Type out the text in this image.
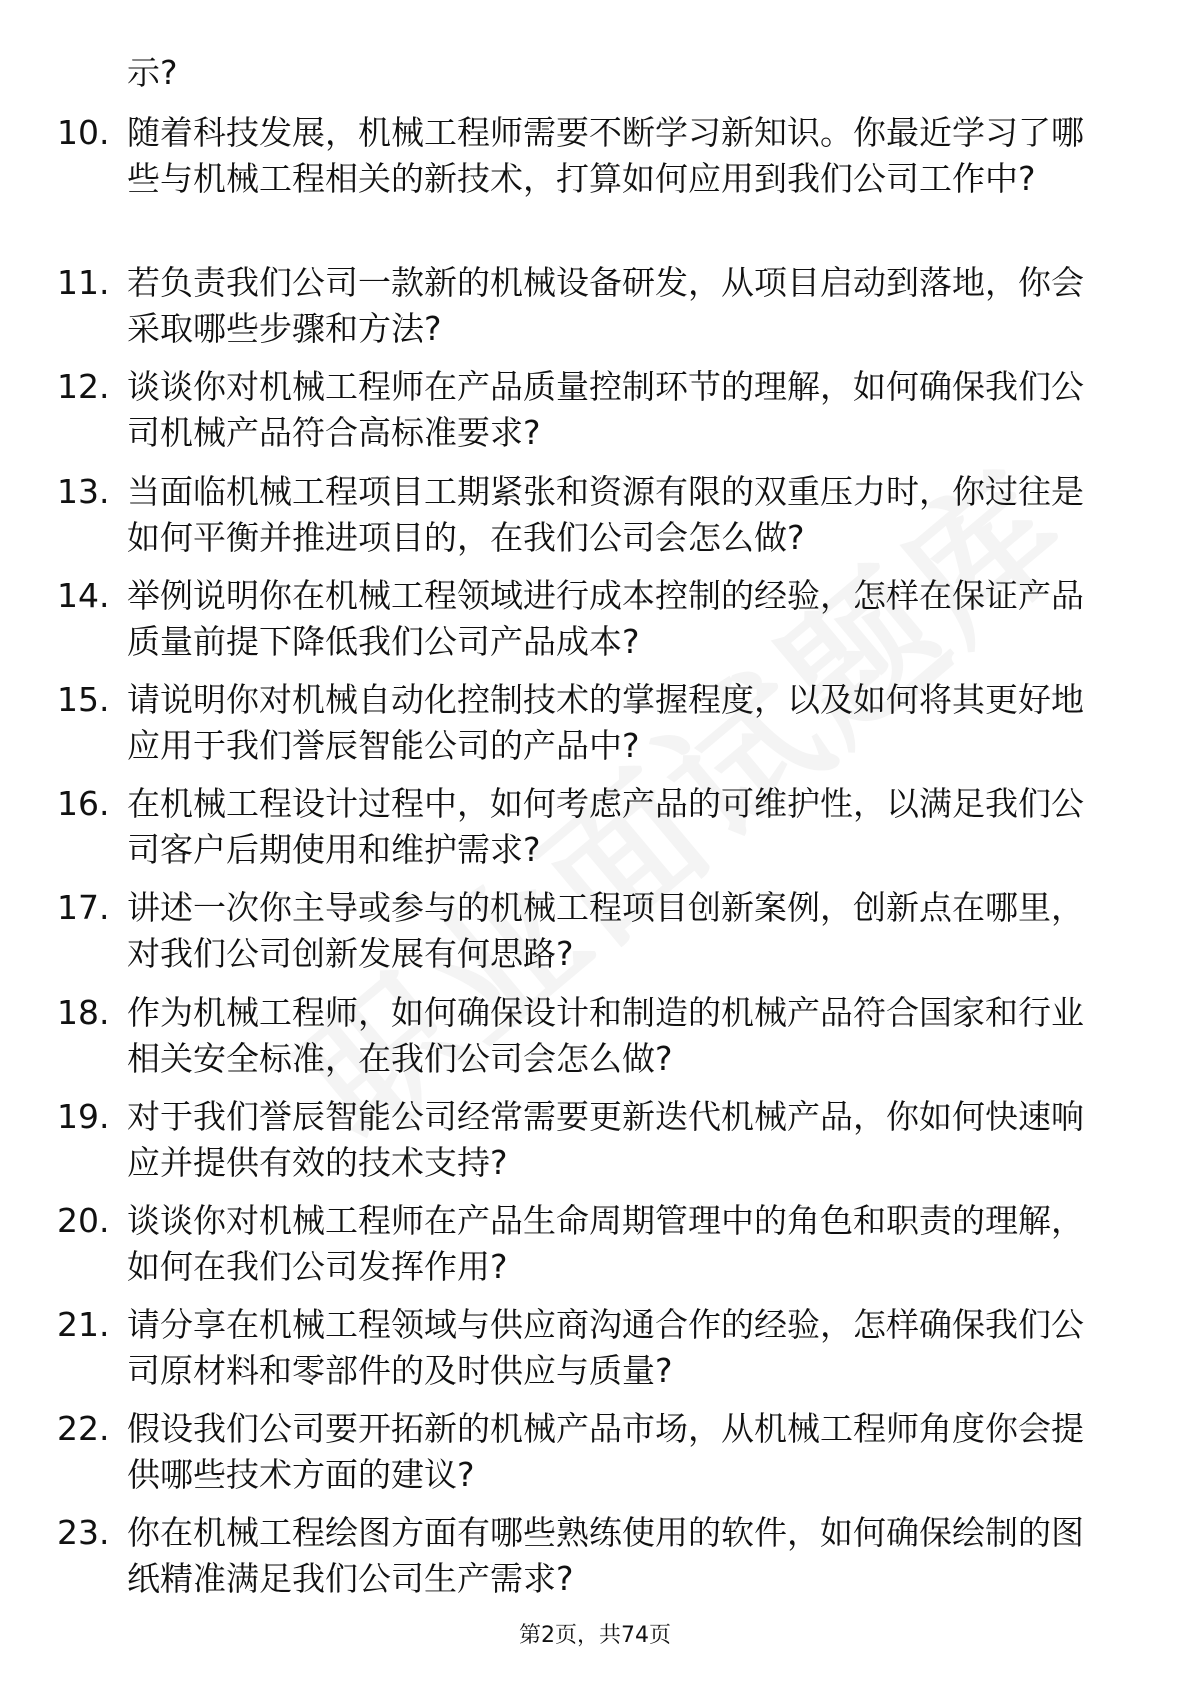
示?
10. 随着科技发展，机械工程师需要不断学习新知识。你最近学习了哪些与机械工程相关的新技术，打算如何应用到我们公司工作中?
11. 若负责我们公司一款新的机械设备研发，从项目启动到落地，你会采取哪些步骤和方法?
12. 谈谈你对机械工程师在产品质量控制环节的理解，如何确保我们公司机械产品符合高标准要求?
13. 当面临机械工程项目工期紧张和资源有限的双重压力时，你过往是如何平衡并推进项目的，在我们公司会怎么做?
14. 举例说明你在机械工程领域进行成本控制的经验，怎样在保证产品质量前提下降低我们公司产品成本?
15. 请说明你对机械自动化控制技术的掌握程度，以及如何将其更好地应用于我们誉辰智能公司的产品中?
16. 在机械工程设计过程中，如何考虑产品的可维护性，以满足我们公司客户后期使用和维护需求?
17. 讲述一次你主导或参与的机械工程项目创新案例，创新点在哪里，对我们公司创新发展有何思路?
18. 作为机械工程师，如何确保设计和制造的机械产品符合国家和行业相关安全标准，在我们公司会怎么做?
19. 对于我们誉辰智能公司经常需要更新迭代机械产品，你如何快速响应并提供有效的技术支持?
20. 谈谈你对机械工程师在产品生命周期管理中的角色和职责的理解，如何在我们公司发挥作用?
21. 请分享在机械工程领域与供应商沟通合作的经验，怎样确保我们公司原材料和零部件的及时供应与质量?
22. 假设我们公司要开拓新的机械产品市场，从机械工程师角度你会提供哪些技术方面的建议?
23. 你在机械工程绘图方面有哪些熟练使用的软件，如何确保绘制的图纸精准满足我们公司生产需求?
第2页，共74页
